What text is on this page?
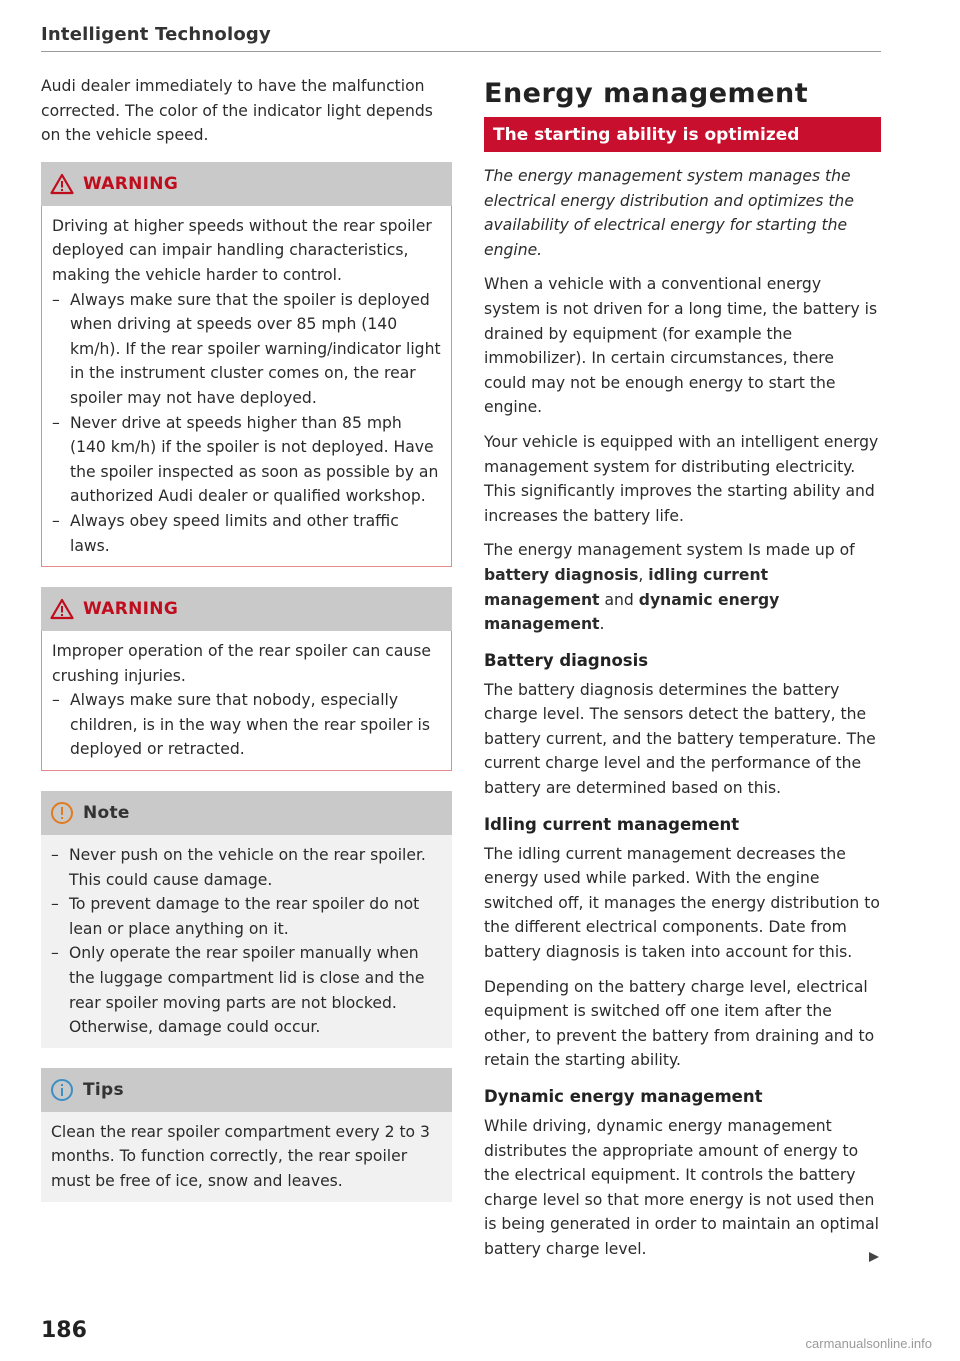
Intelligent Technology

Audi dealer immediately to have the malfunction corrected. The color of the indicator light depends on the vehicle speed.

WARNING

Driving at higher speeds without the rear spoiler deployed can impair handling characteristics, making the vehicle harder to control.

– Always make sure that the spoiler is deployed when driving at speeds over 85 mph (140 km/h). If the rear spoiler warning/indicator light in the instrument cluster comes on, the rear spoiler may not have deployed.
– Never drive at speeds higher than 85 mph (140 km/h) if the spoiler is not deployed. Have the spoiler inspected as soon as possible by an authorized Audi dealer or qualified workshop.
– Always obey speed limits and other traffic laws.
WARNING

Improper operation of the rear spoiler can cause crushing injuries.

– Always make sure that nobody, especially children, is in the way when the rear spoiler is deployed or retracted.
Note
– Never push on the vehicle on the rear spoiler. This could cause damage.
– To prevent damage to the rear spoiler do not lean or place anything on it.
– Only operate the rear spoiler manually when the luggage compartment lid is close and the rear spoiler moving parts are not blocked. Otherwise, damage could occur.
Tips

Clean the rear spoiler compartment every 2 to 3 months. To function correctly, the rear spoiler must be free of ice, snow and leaves.

Energy management
The starting ability is optimized

The energy management system manages the electrical energy distribution and optimizes the availability of electrical energy for starting the engine.

When a vehicle with a conventional energy system is not driven for a long time, the battery is drained by equipment (for example the immobilizer). In certain circumstances, there could may not be enough energy to start the engine.

Your vehicle is equipped with an intelligent energy management system for distributing electricity. This significantly improves the starting ability and increases the battery life.

The energy management system Is made up of battery diagnosis, idling current management and dynamic energy management.

Battery diagnosis

The battery diagnosis determines the battery charge level. The sensors detect the battery, the battery current, and the battery temperature. The current charge level and the performance of the battery are determined based on this.

Idling current management

The idling current management decreases the energy used while parked. With the engine switched off, it manages the energy distribution to the different electrical components. Date from battery diagnosis is taken into account for this.

Depending on the battery charge level, electrical equipment is switched off one item after the other, to prevent the battery from draining and to retain the starting ability.

Dynamic energy management

While driving, dynamic energy management distributes the appropriate amount of energy to the electrical equipment. It controls the battery charge level so that more energy is not used then is being generated in order to maintain an optimal battery charge level.

186
carmanualsonline.info
